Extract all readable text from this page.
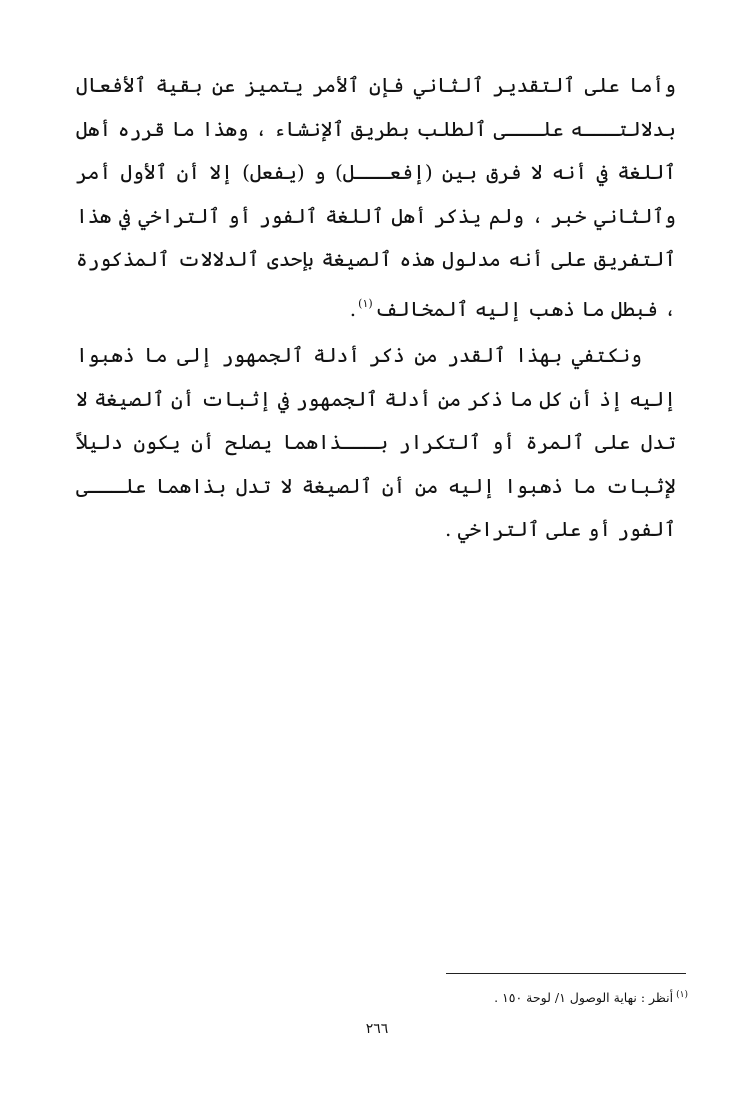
وأما على ٱلتقدير ٱلثاني فإن ٱلأمر يتميز عن بقية ٱلأفعال بدلالتـــه علـــى ٱلطلب بطريق ٱلإنشاء ، وهذا ما قرره أهل ٱللغة في أنه لا فرق بين (إفعـــل) و (يفعل) إلا أن ٱلأول أمر وٱلثاني خبر ، ولم يذكر أهل ٱللغة ٱلفور أو ٱلتراخي في هذا ٱلتفريق على أنه مدلول هذه ٱلصيغة بإحدى ٱلدلالات ٱلمذكورة ، فبطل ما ذهب إليه ٱلمخالف$^{(١)}$.

ونكتفي بهذا ٱلقدر من ذكر أدلة ٱلجمهور إلى ما ذهبوا إليه إذ أن كل ما ذكر من أدلة ٱلجمهور في إثبات أن ٱلصيغة لا تدل على ٱلمرة أو ٱلتكرار بـــذاهما يصلح أن يكون دليلاً لإثبات ما ذهبوا إليه من أن ٱلصيغة لا تدل بذاهما علـــى ٱلفور أو على ٱلتراخي .

$^{(١)}$أنظر : نهاية الوصول ١/ لوحة ١٥٠ .
٢٦٦
